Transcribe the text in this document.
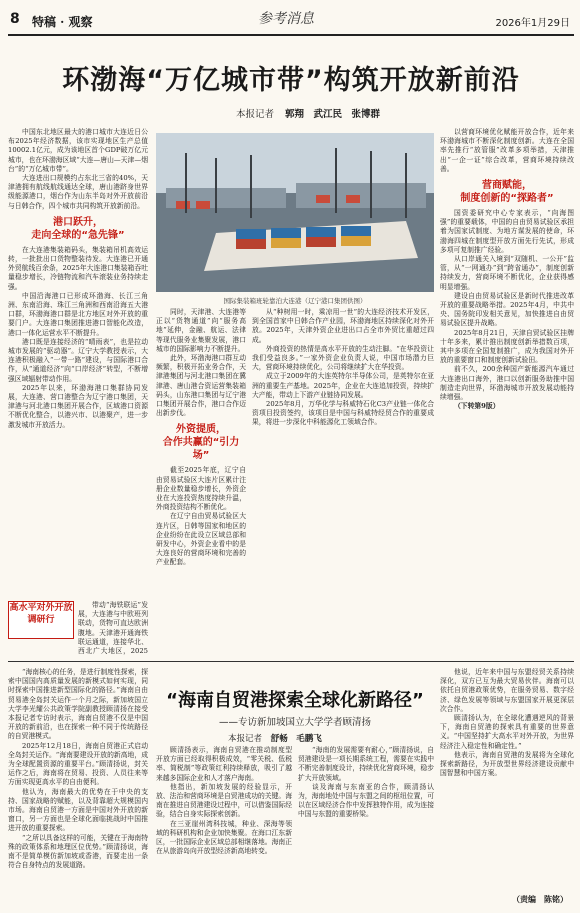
8 特稿 · 观察	参考消息	2026年1月29日
环渤海“万亿城市带”构筑开放新前沿
本报记者 郭翔　武江民　张博群

中国东北地区最大的港口城市大连近日公布2025年经济数据，该市实现地区生产总值10002.1亿元，成为该地区首个GDP破万亿元城市，也在环渤海区域“大连—唐山—天津—烟台”的“万亿城市带”。

大连进出口规模约占东北三省的40%，天津港拥有航线航线通达全球，唐山港跻身世界级能源港口，烟台作为山东半岛对外开放前沿与日韩合作，四个城市共同构筑开放新前沿。

港口跃升，
走向全球的“急先锋”

在大连港集装箱码头，集装箱吊机高效运转，一批批出口货物整装待发。大连港已开通外贸航线百余条，2025年大连港口集装箱吞吐量稳步增长，冷链物流和汽车滚装业务持续走强。

中国沿海港口已形成环渤海、长江三角洲、东南沿海、珠江三角洲和西南沿海五大港口群，环渤海港口群是北方地区对外开放的重要门户。大连港口集团推进港口智能化改造，港口一体化运营水平不断提升。

港口既是连接经济的“晴雨表”，也是拉动城市发展的“驱动器”。辽宁大学教授表示，大连港积极融入“一带一路”建设，与国际港口合作，从“通道经济”向“口岸经济”转型，不断增强区域辐射带动作用。

2025年以来，环渤海港口集群协同发展，大连港、营口港整合为辽宁港口集团，天津港与河北港口集团开展合作，区域港口资源不断优化整合，以港兴市、以港聚产，进一步激发城市开放活力。

高水平对外开放
调研行

带动“海铁联运”发展，大连港与中欧班列联动，货物可直达欧洲腹地。天津港开通海铁联运通道，连接华北、西北广大地区，2025

国际集装箱班轮靠泊大连港（辽宁港口集团供图）

同时，天津港、大连港等正以“货物通道”向“服务高地”延伸，金融、航运、法律等现代服务业集聚发展，港口城市的国际影响力不断提升。

此外，环渤海港口群互动频繁，积极开拓业务合作，天津港集团与河北港口集团在冀津港、唐山港合资运营集装箱码头，山东港口集团与辽宁港口集团开展合作，港口合作迈出新步伐。

外资提质，
合作共赢的“引力场”

截至2025年底，辽宁自由贸易试验区大连片区累计注册企业数量稳步增长，外资企业在大连投资热度持续升温，外商投资结构不断优化。

在辽宁自由贸易试验区大连片区，日韩等国家和地区的企业纷纷在此设立区域总部和研发中心，外资企业看中的是大连良好的营商环境和完善的产业配套。

从“种树用一时，乘凉用一世”的大连经济技术开发区，到全国首家中日韩合作产业园，环渤海地区持续深化对外开放。2025年，天津外资企业进出口占全市外贸比重超过四成。

外商投资的热情是高水平开放的生动注脚。“在华投资让我们受益良多。”一家外资企业负责人说，中国市场潜力巨大，营商环境持续优化，公司将继续扩大在华投资。

成立于2009年的大连英特尔半导体公司，是英特尔在亚洲的重要生产基地。2025年，企业在大连追加投资，持续扩大产能，带动上下游产业链协同发展。

2025年8月，万华化学与科威特石化C3产业链一体化合资项目投资签约，该项目是中国与科威特经贸合作的重要成果，将进一步深化中科能源化工领域合作。

以营商环境优化赋能开放合作，近年来环渤海城市不断深化制度创新。大连在全国率先推行“放管服”改革多项举措，天津推出“一企一证”综合改革，营商环境持续改善。

营商赋能，
制度创新的“探路者”

国资委研究中心专家表示，“向海图强”的重要载体，中国的自由贸易试验区承担着为国家试制度、为地方谋发展的使命，环渤海四城在制度型开放方面先行先试，形成多项可复制推广经验。

从口岸通关入境到“双随机、一公开”监管，从“一网通办”到“跨省通办”，制度创新持续发力，营商环境不断优化，企业获得感明显增强。

建设自由贸易试验区是新时代推进改革开放的重要战略举措。2025年4月，中共中央、国务院印发相关意见，加快推进自由贸易试验区提升战略。

2025年8月21日，天津自贸试验区挂牌十年多来，累计推出制度创新举措数百项，其中多项在全国复制推广，成为我国对外开放的重要窗口和制度创新试验田。

前不久，200余种国产新能源汽车通过大连港出口海外，港口以创新服务助推中国制造走向世界，环渤海城市开放发展动能持续增强。

（下转第9版）

“海南自贸港探索全球化新路径”
——专访新加坡国立大学学者顾清扬
本报记者 舒畅　毛鹏飞

“海南核心的任务，是进行制度性探索，探索中国国内高质量发展的新模式如何实现，同时探索中国推进新型国际化的路径。”海南自由贸易港全岛封关运作一个月之际，新加坡国立大学李光耀公共政策学院副教授顾清扬在接受本报记者专访时表示，海南自贸港不仅是中国开放的新前沿，也在探索一种不同于传统路径的自贸港模式。

2025年12月18日，海南自贸港正式启动全岛封关运作。“海南要建设开放的新高地，成为全球配置资源的重要平台。”顾清扬说，封关运作之后，海南将在贸易、投资、人员往来等方面实现更高水平的自由便利。

他认为，海南最大的优势在于中央的支持、国家战略的赋能，以及背靠超大规模国内市场。海南自贸港一方面是中国对外开放的新窗口，另一方面也是全球化面临挑战时中国推进开放的重要探索。

“之所以具备这样的可能，关键在于海南特殊的政策体系和地理区位优势。”顾清扬说，海南不是简单模仿新加坡或香港，而要走出一条符合自身特点的发展道路。

顾清扬表示，海南自贸港在推动制度型开放方面已经取得积极成效，“零关税、低税率、简税制”等政策红利持续释放，吸引了越来越多国际企业和人才落户海南。

他指出，新加坡发展的经验显示，开放、法治和营商环境是自贸港成功的关键。海南在推进自贸港建设过程中，可以借鉴国际经验，结合自身实际探索创新。

在三亚崖州湾科技城，种业、深海等领域的科研机构和企业加快集聚。在海口江东新区，一批国际企业区域总部相继落地。海南正在从旅游岛向开放型经济新高地转变。

“海南的发展需要有耐心，”顾清扬说，自贸港建设是一项长期系统工程，需要在实践中不断完善制度设计，持续优化营商环境，稳步扩大开放领域。

谈及海南与东南亚的合作，顾清扬认为，海南地处中国与东盟之间的枢纽位置，可以在区域经济合作中发挥独特作用，成为连接中国与东盟的重要桥梁。

他说，近年来中国与东盟经贸关系持续深化，双方已互为最大贸易伙伴。海南可以依托自贸港政策优势，在服务贸易、数字经济、绿色发展等领域与东盟国家开展更深层次合作。

顾清扬认为，在全球化遭遇逆风的背景下，海南自贸港的探索具有重要的世界意义。“中国坚持扩大高水平对外开放，为世界经济注入稳定性和确定性。”

他表示，海南自贸港的发展将为全球化探索新路径，为开放型世界经济建设贡献中国智慧和中国方案。

（责编　陈铭）
